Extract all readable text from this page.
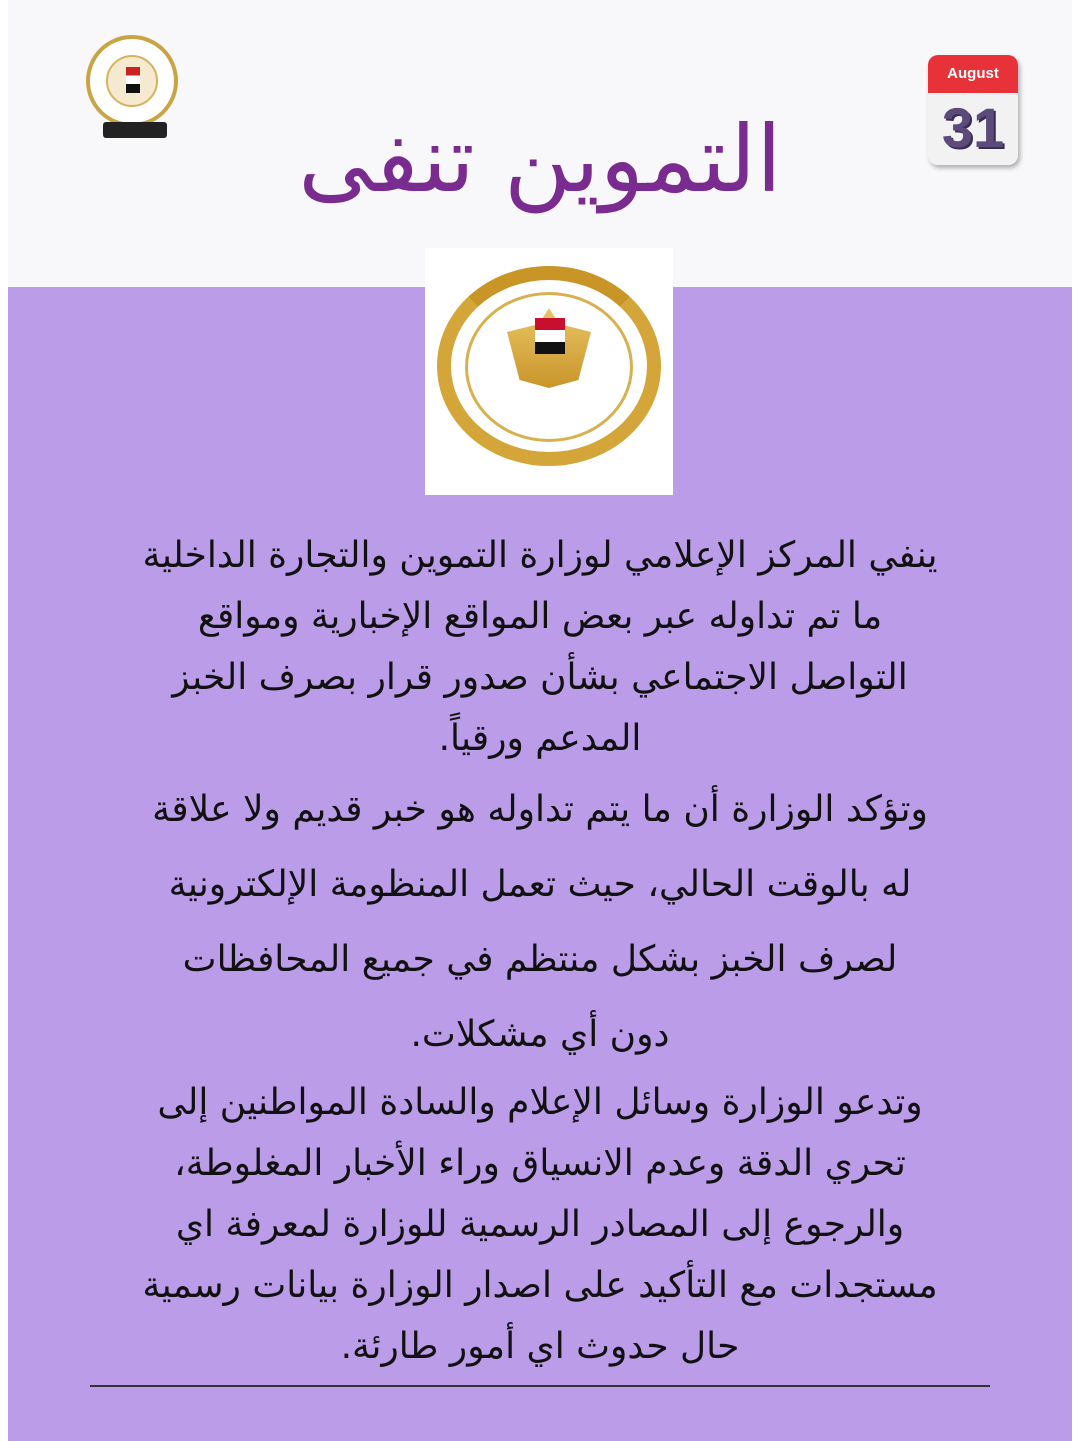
August
31
التموين تنفى

ينفي المركز الإعلامي لوزارة التموين والتجارة الداخلية

ما تم تداوله عبر بعض المواقع الإخبارية ومواقع

التواصل الاجتماعي بشأن صدور قرار بصرف الخبز

المدعم ورقياً.

وتؤكد الوزارة أن ما يتم تداوله هو خبر قديم ولا علاقة

له بالوقت الحالي، حيث تعمل المنظومة الإلكترونية

لصرف الخبز بشكل منتظم في جميع المحافظات

دون أي مشكلات.

وتدعو الوزارة وسائل الإعلام والسادة المواطنين إلى

تحري الدقة وعدم الانسياق وراء الأخبار المغلوطة،

والرجوع إلى المصادر الرسمية للوزارة لمعرفة اي

مستجدات مع التأكيد على اصدار الوزارة بيانات رسمية

حال حدوث اي أمور طارئة.
